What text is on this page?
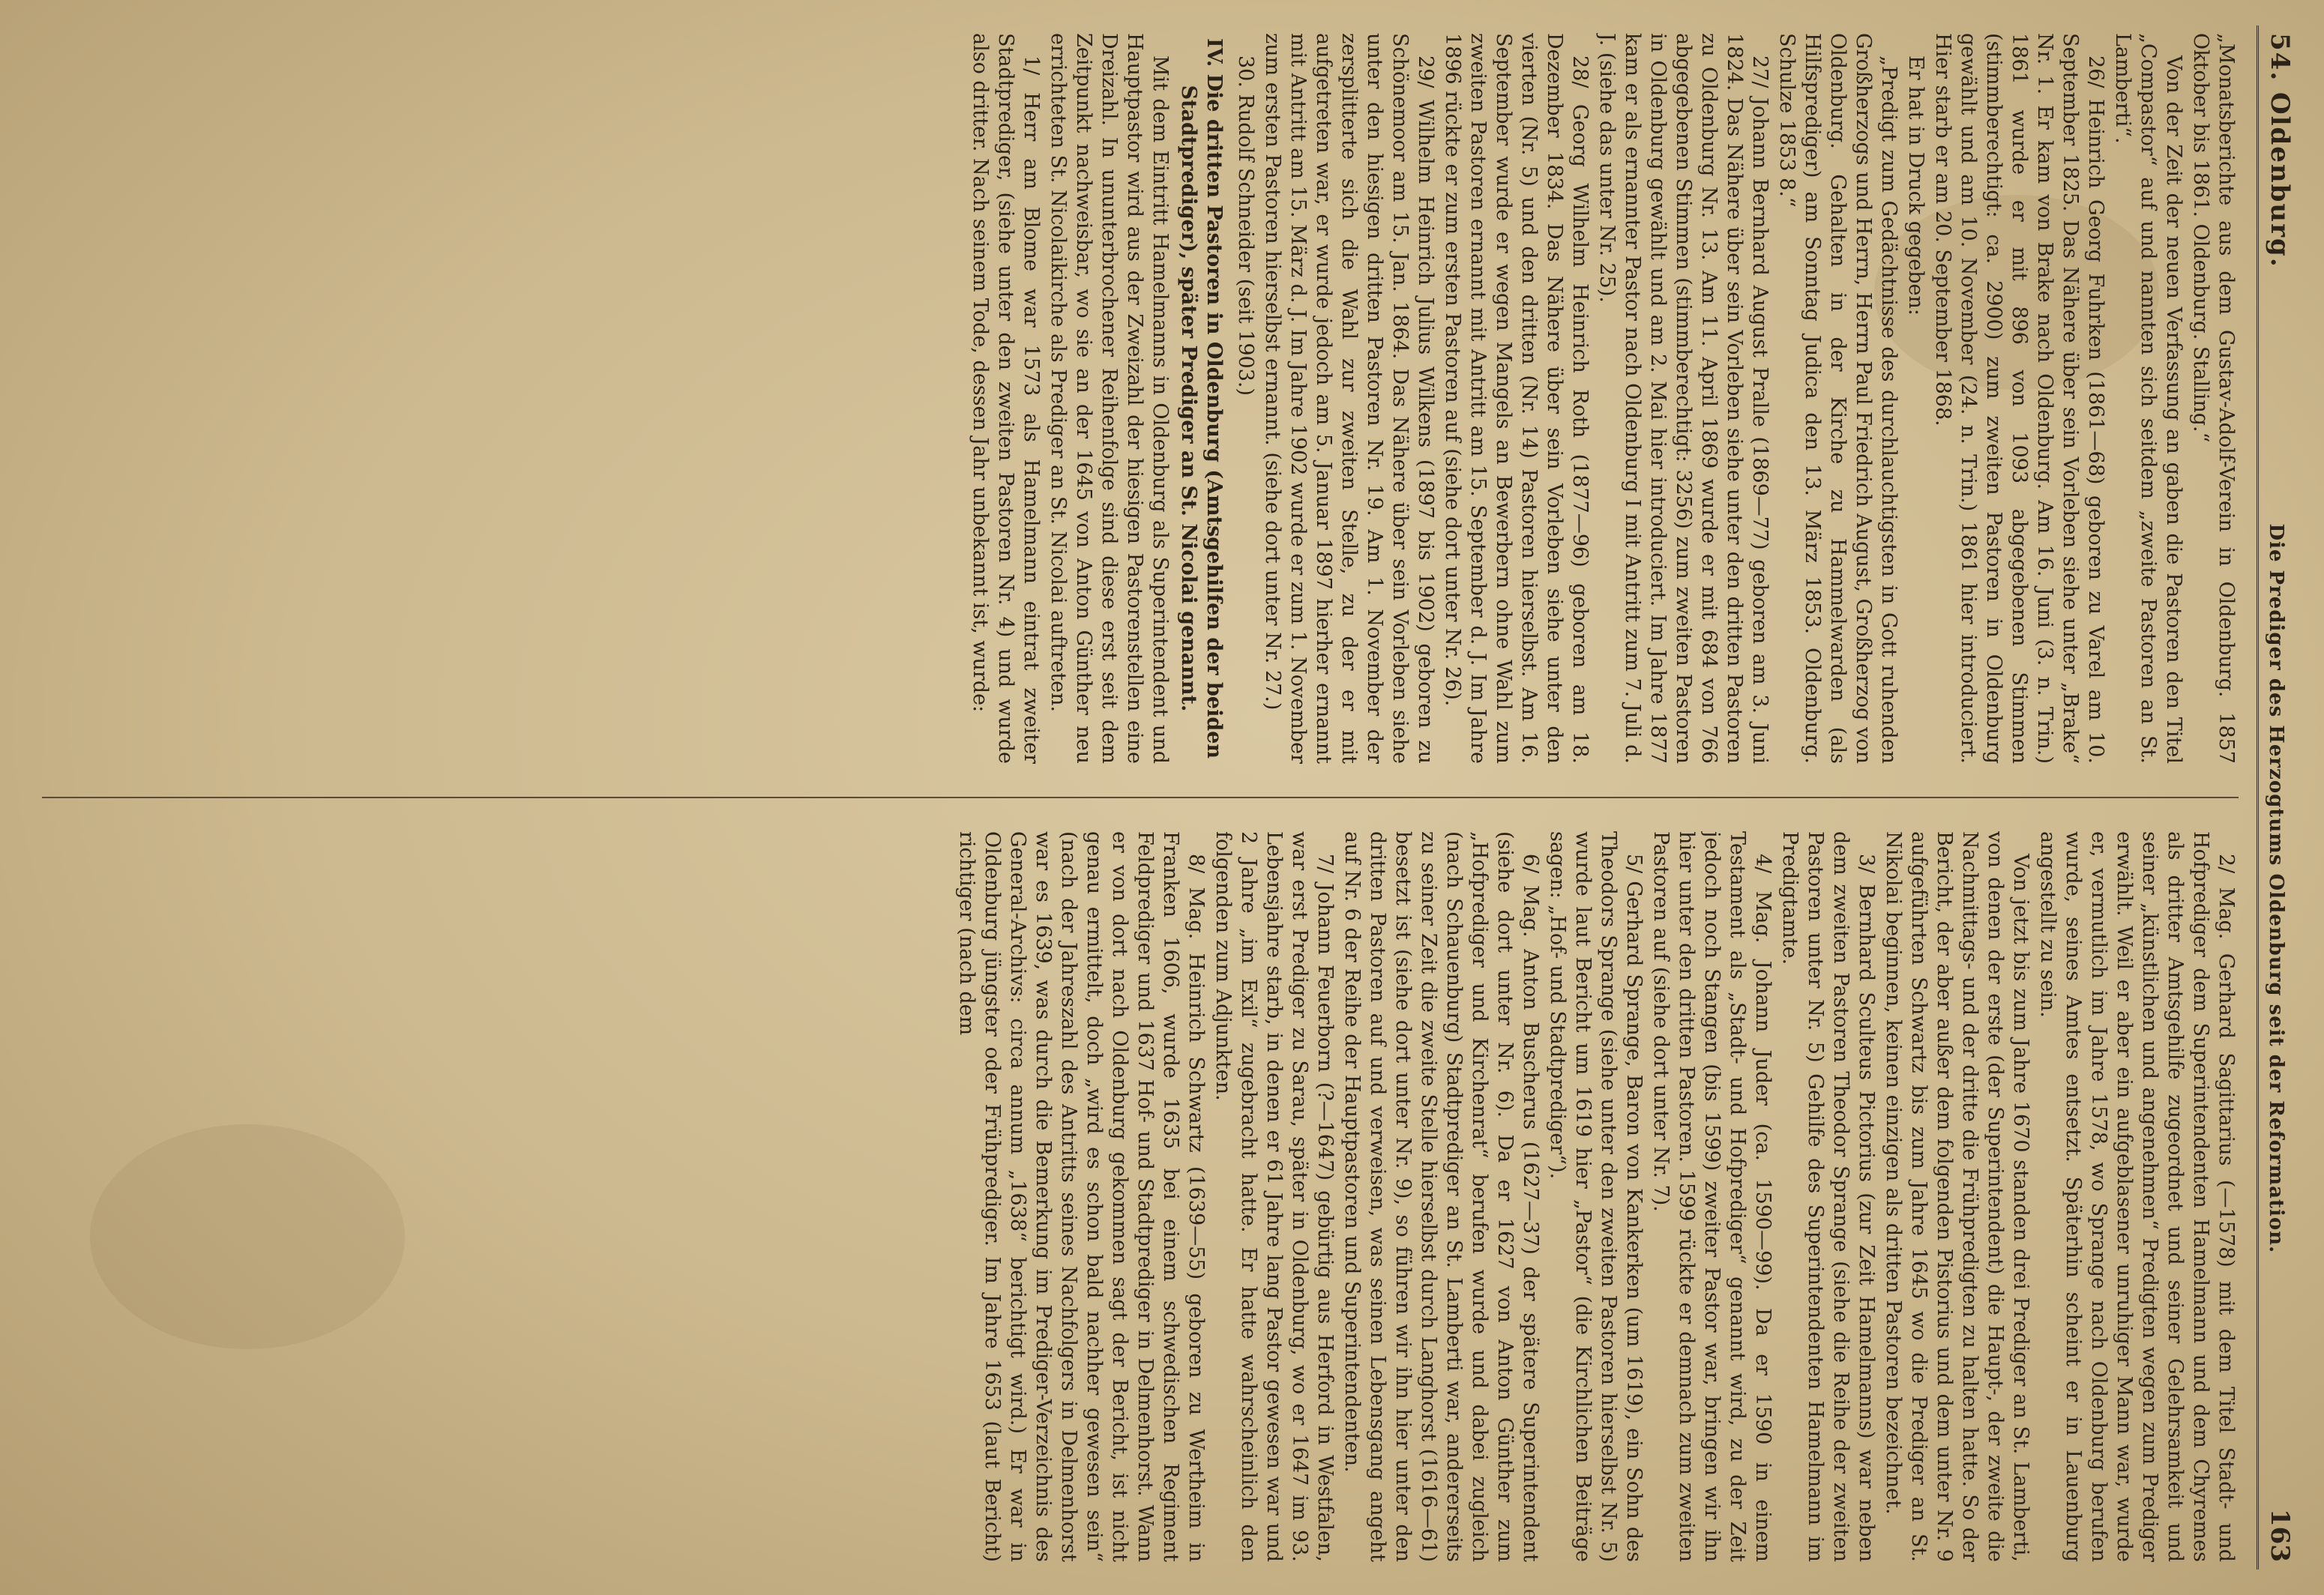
54. Oldenburg.
Die Prediger des Herzogtums Oldenburg seit der Reformation.
163

„Monatsberichte aus dem Gustav-Adolf-Verein in Oldenburg. 1857 Oktober bis 1861. Oldenburg. Stalling.“

Von der Zeit der neuen Verfassung an gaben die Pastoren den Titel „Compastor“ auf und nannten sich seitdem „zweite Pastoren an St. Lamberti“.

26/ Heinrich Georg Fuhrken (1861—68) geboren zu Varel am 10. September 1825. Das Nähere über sein Vorleben siehe unter „Brake“ Nr. 1. Er kam von Brake nach Oldenburg. Am 16. Juni (3. n. Trin.) 1861 wurde er mit 896 von 1093 abgegebenen Stimmen (stimmberechtigt: ca. 2900) zum zweiten Pastoren in Oldenburg gewählt und am 10. November (24. n. Trin.) 1861 hier introduciert. Hier starb er am 20. September 1868.

Er hat in Druck gegeben:

„Predigt zum Gedächtnisse des durchlauchtigsten in Gott ruhenden Großherzogs und Herrn, Herrn Paul Friedrich August, Großherzog von Oldenburg. Gehalten in der Kirche zu Hammelwarden (als Hilfsprediger) am Sonntag Judica den 13. März 1853. Oldenburg. Schulze 1853 8.“

27/ Johann Bernhard August Pralle (1869—77) geboren am 3. Juni 1824. Das Nähere über sein Vorleben siehe unter den dritten Pastoren zu Oldenburg Nr. 13. Am 11. April 1869 wurde er mit 684 von 766 abgegebenen Stimmen (stimmberechtigt: 3256) zum zweiten Pastoren in Oldenburg gewählt und am 2. Mai hier introduciert. Im Jahre 1877 kam er als ernannter Pastor nach Oldenburg I mit Antritt zum 7. Juli d. J. (siehe das unter Nr. 25).

28/ Georg Wilhelm Heinrich Roth (1877—96) geboren am 18. Dezember 1834. Das Nähere über sein Vorleben siehe unter den vierten (Nr. 5) und den dritten (Nr. 14) Pastoren hierselbst. Am 16. September wurde er wegen Mangels an Bewerbern ohne Wahl zum zweiten Pastoren ernannt mit Antritt am 15. September d. J. Im Jahre 1896 rückte er zum ersten Pastoren auf (siehe dort unter Nr. 26).

29/ Wilhelm Heinrich Julius Wilkens (1897 bis 1902) geboren zu Schönemoor am 15. Jan. 1864. Das Nähere über sein Vorleben siehe unter den hiesigen dritten Pastoren Nr. 19. Am 1. November der zersplitterte sich die Wahl zur zweiten Stelle, zu der er mit aufgetreten war, er wurde jedoch am 5. Januar 1897 hierher ernannt mit Antritt am 15. März d. J. Im Jahre 1902 wurde er zum 1. November zum ersten Pastoren hierselbst ernannt. (siehe dort unter Nr. 27.)

30. Rudolf Schneider (seit 1903.)

IV. Die dritten Pastoren in Oldenburg (Amtsgehilfen der beiden Stadtprediger), später Prediger an St. Nicolai genannt.

Mit dem Eintritt Hamelmanns in Oldenburg als Superintendent und Hauptpastor wird aus der Zweizahl der hiesigen Pastorenstellen eine Dreizahl. In ununterbrochener Reihenfolge sind diese erst seit dem Zeitpunkt nachweisbar, wo sie an der 1645 von Anton Günther neu errichteten St. Nicolaikirche als Prediger an St. Nicolai auftreten.

1/ Herr am Blome war 1573 als Hamelmann eintrat zweiter Stadtprediger, (siehe unter den zweiten Pastoren Nr. 4) und wurde also dritter. Nach seinem Tode, dessen Jahr unbekannt ist, wurde:

2/ Mag. Gerhard Sagittarius (—1578) mit dem Titel Stadt- und Hofprediger dem Superintendenten Hamelmann und dem Chyremes als dritter Amtsgehilfe zugeordnet und seiner Gelehrsamkeit und seiner „künstlichen und angenehmen“ Predigten wegen zum Prediger erwählt. Weil er aber ein aufgeblasener unruhiger Mann war, wurde er, vermutlich im Jahre 1578, wo Sprange nach Oldenburg berufen wurde, seines Amtes entsetzt. Späterhin scheint er in Lauenburg angestellt zu sein.

Von jetzt bis zum Jahre 1670 standen drei Prediger an St. Lamberti, von denen der erste (der Superintendent) die Haupt-, der zweite die Nachmittags- und der dritte die Frühpredigten zu halten hatte. So der Bericht, der aber außer dem folgenden Pistorius und dem unter Nr. 9 aufgeführten Schwartz bis zum Jahre 1645 wo die Prediger an St. Nikolai beginnen, keinen einzigen als dritten Pastoren bezeichnet.

3/ Bernhard Sculteus Pictorius (zur Zeit Hamelmanns) war neben dem zweiten Pastoren Theodor Sprange (siehe die Reihe der zweiten Pastoren unter Nr. 5) Gehilfe des Superintendenten Hamelmann im Predigtamte.

4/ Mag. Johann Juder (ca. 1590—99). Da er 1590 in einem Testament als „Stadt- und Hofprediger“ genannt wird, zu der Zeit jedoch noch Stangen (bis 1599) zweiter Pastor war, bringen wir ihn hier unter den dritten Pastoren. 1599 rückte er demnach zum zweiten Pastoren auf (siehe dort unter Nr. 7).

5/ Gerhard Sprange, Baron von Kankerken (um 1619), ein Sohn des Theodors Sprange (siehe unter den zweiten Pastoren hierselbst Nr. 5) wurde laut Bericht um 1619 hier „Pastor“ (die Kirchlichen Beiträge sagen: „Hof- und Stadtprediger“).

6/ Mag. Anton Buscherus (1627—37) der spätere Superintendent (siehe dort unter Nr. 6). Da er 1627 von Anton Günther zum „Hofprediger und Kirchenrat“ berufen wurde und dabei zugleich (nach Schauenburg) Stadtprediger an St. Lamberti war, andererseits zu seiner Zeit die zweite Stelle hierselbst durch Langhorst (1616—61) besetzt ist (siehe dort unter Nr. 9), so führen wir ihn hier unter den dritten Pastoren auf und verweisen, was seinen Lebensgang angeht auf Nr. 6 der Reihe der Hauptpastoren und Superintendenten.

7/ Johann Feuerborn (?—1647) gebürtig aus Herford in Westfalen, war erst Prediger zu Sarau, später in Oldenburg, wo er 1647 im 93. Lebensjahre starb, in denen er 61 Jahre lang Pastor gewesen war und 2 Jahre „im Exil“ zugebracht hatte. Er hatte wahrscheinlich den folgenden zum Adjunkten.

8/ Mag. Heinrich Schwartz (1639—55) geboren zu Wertheim in Franken 1606, wurde 1635 bei einem schwedischen Regiment Feldprediger und 1637 Hof- und Stadtprediger in Delmenhorst. Wann er von dort nach Oldenburg gekommen sagt der Bericht, ist nicht genau ermittelt, doch „wird es schon bald nachher gewesen sein“ (nach der Jahreszahl des Antritts seines Nachfolgers in Delmenhorst war es 1639, was durch die Bemerkung im Prediger-Verzeichnis des General-Archivs: circa annum „1638“ berichtigt wird.) Er war in Oldenburg jüngster oder Frühprediger. Im Jahre 1653 (laut Bericht) richtiger (nach dem
